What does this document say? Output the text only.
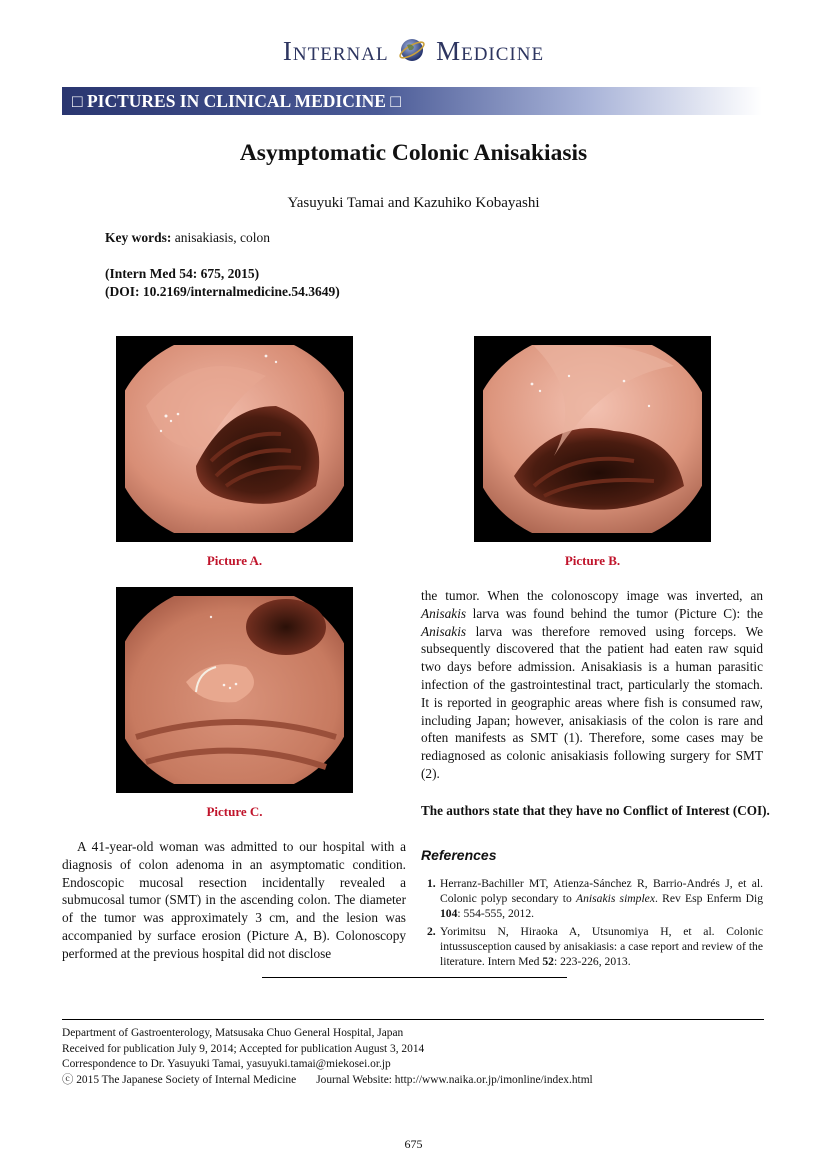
Internal Medicine
□ PICTURES IN CLINICAL MEDICINE □
Asymptomatic Colonic Anisakiasis
Yasuyuki Tamai and Kazuhiko Kobayashi
Key words: anisakiasis, colon
(Intern Med 54: 675, 2015)
(DOI: 10.2169/internalmedicine.54.3649)
Picture A.	Picture B.
Picture C.
A 41-year-old woman was admitted to our hospital with a diagnosis of colon adenoma in an asymptomatic condition. Endoscopic mucosal resection incidentally revealed a submucosal tumor (SMT) in the ascending colon. The diameter of the tumor was approximately 3 cm, and the lesion was accompanied by surface erosion (Picture A, B). Colonoscopy performed at the previous hospital did not disclose
the tumor. When the colonoscopy image was inverted, an Anisakis larva was found behind the tumor (Picture C): the Anisakis larva was therefore removed using forceps. We subsequently discovered that the patient had eaten raw squid two days before admission. Anisakiasis is a human parasitic infection of the gastrointestinal tract, particularly the stomach. It is reported in geographic areas where fish is consumed raw, including Japan; however, anisakiasis of the colon is rare and often manifests as SMT (1). Therefore, some cases may be rediagnosed as colonic anisakiasis following surgery for SMT (2).
The authors state that they have no Conflict of Interest (COI).
References
1. Herranz-Bachiller MT, Atienza-Sánchez R, Barrio-Andrés J, et al. Colonic polyp secondary to Anisakis simplex. Rev Esp Enferm Dig 104: 554-555, 2012.
2. Yorimitsu N, Hiraoka A, Utsunomiya H, et al. Colonic intussusception caused by anisakiasis: a case report and review of the literature. Intern Med 52: 223-226, 2013.
Department of Gastroenterology, Matsusaka Chuo General Hospital, Japan
Received for publication July 9, 2014; Accepted for publication August 3, 2014
Correspondence to Dr. Yasuyuki Tamai, yasuyuki.tamai@miekosei.or.jp
ⓒ 2015 The Japanese Society of Internal Medicine Journal Website: http://www.naika.or.jp/imonline/index.html
675
